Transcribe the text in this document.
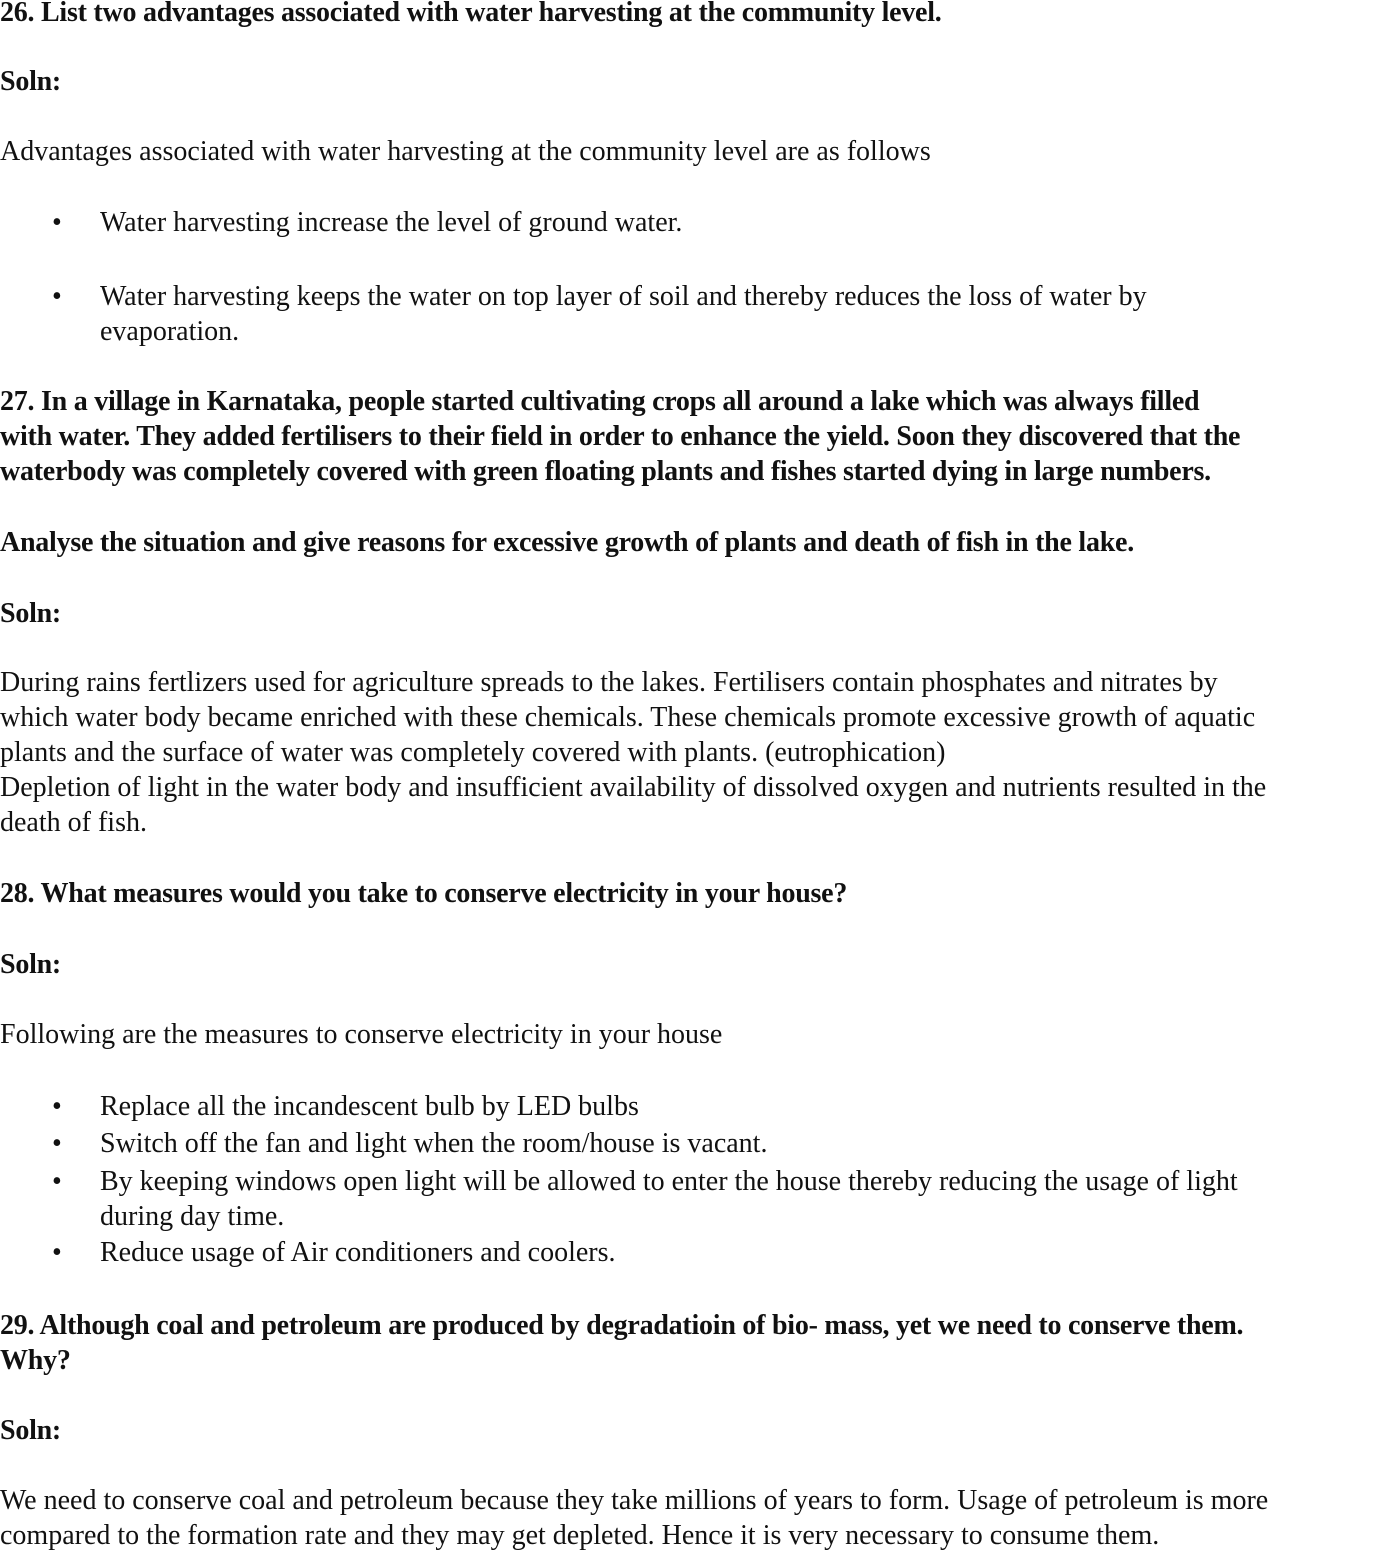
26. List two advantages associated with water harvesting at the community level.
Soln:
Advantages associated with water harvesting at the community level are as follows
•	Water harvesting increase the level of ground water.
•	Water harvesting keeps the water on top layer of soil and thereby reduces the loss of water by
evaporation.
27. In a village in Karnataka, people started cultivating crops all around a lake which was always filled
with water. They added fertilisers to their field in order to enhance the yield. Soon they discovered that the
waterbody was completely covered with green floating plants and fishes started dying in large numbers.
Analyse the situation and give reasons for excessive growth of plants and death of fish in the lake.
Soln:
During rains fertlizers used for agriculture spreads to the lakes. Fertilisers contain phosphates and nitrates by
which water body became enriched with these chemicals. These chemicals promote excessive growth of aquatic
plants and the surface of water was completely covered with plants. (eutrophication)
Depletion of light in the water body and insufficient availability of dissolved oxygen and nutrients resulted in the
death of fish.
28. What measures would you take to conserve electricity in your house?
Soln:
Following are the measures to conserve electricity in your house
•	Replace all the incandescent bulb by LED bulbs
•	Switch off the fan and light when the room/house is vacant.
•	By keeping windows open light will be allowed to enter the house thereby reducing the usage of light
during day time.
•	Reduce usage of Air conditioners and coolers.
29. Although coal and petroleum are produced by degradatioin of bio- mass, yet we need to conserve them.
Why?
Soln:
We need to conserve coal and petroleum because they take millions of years to form. Usage of petroleum is more
compared to the formation rate and they may get depleted. Hence it is very necessary to consume them.
